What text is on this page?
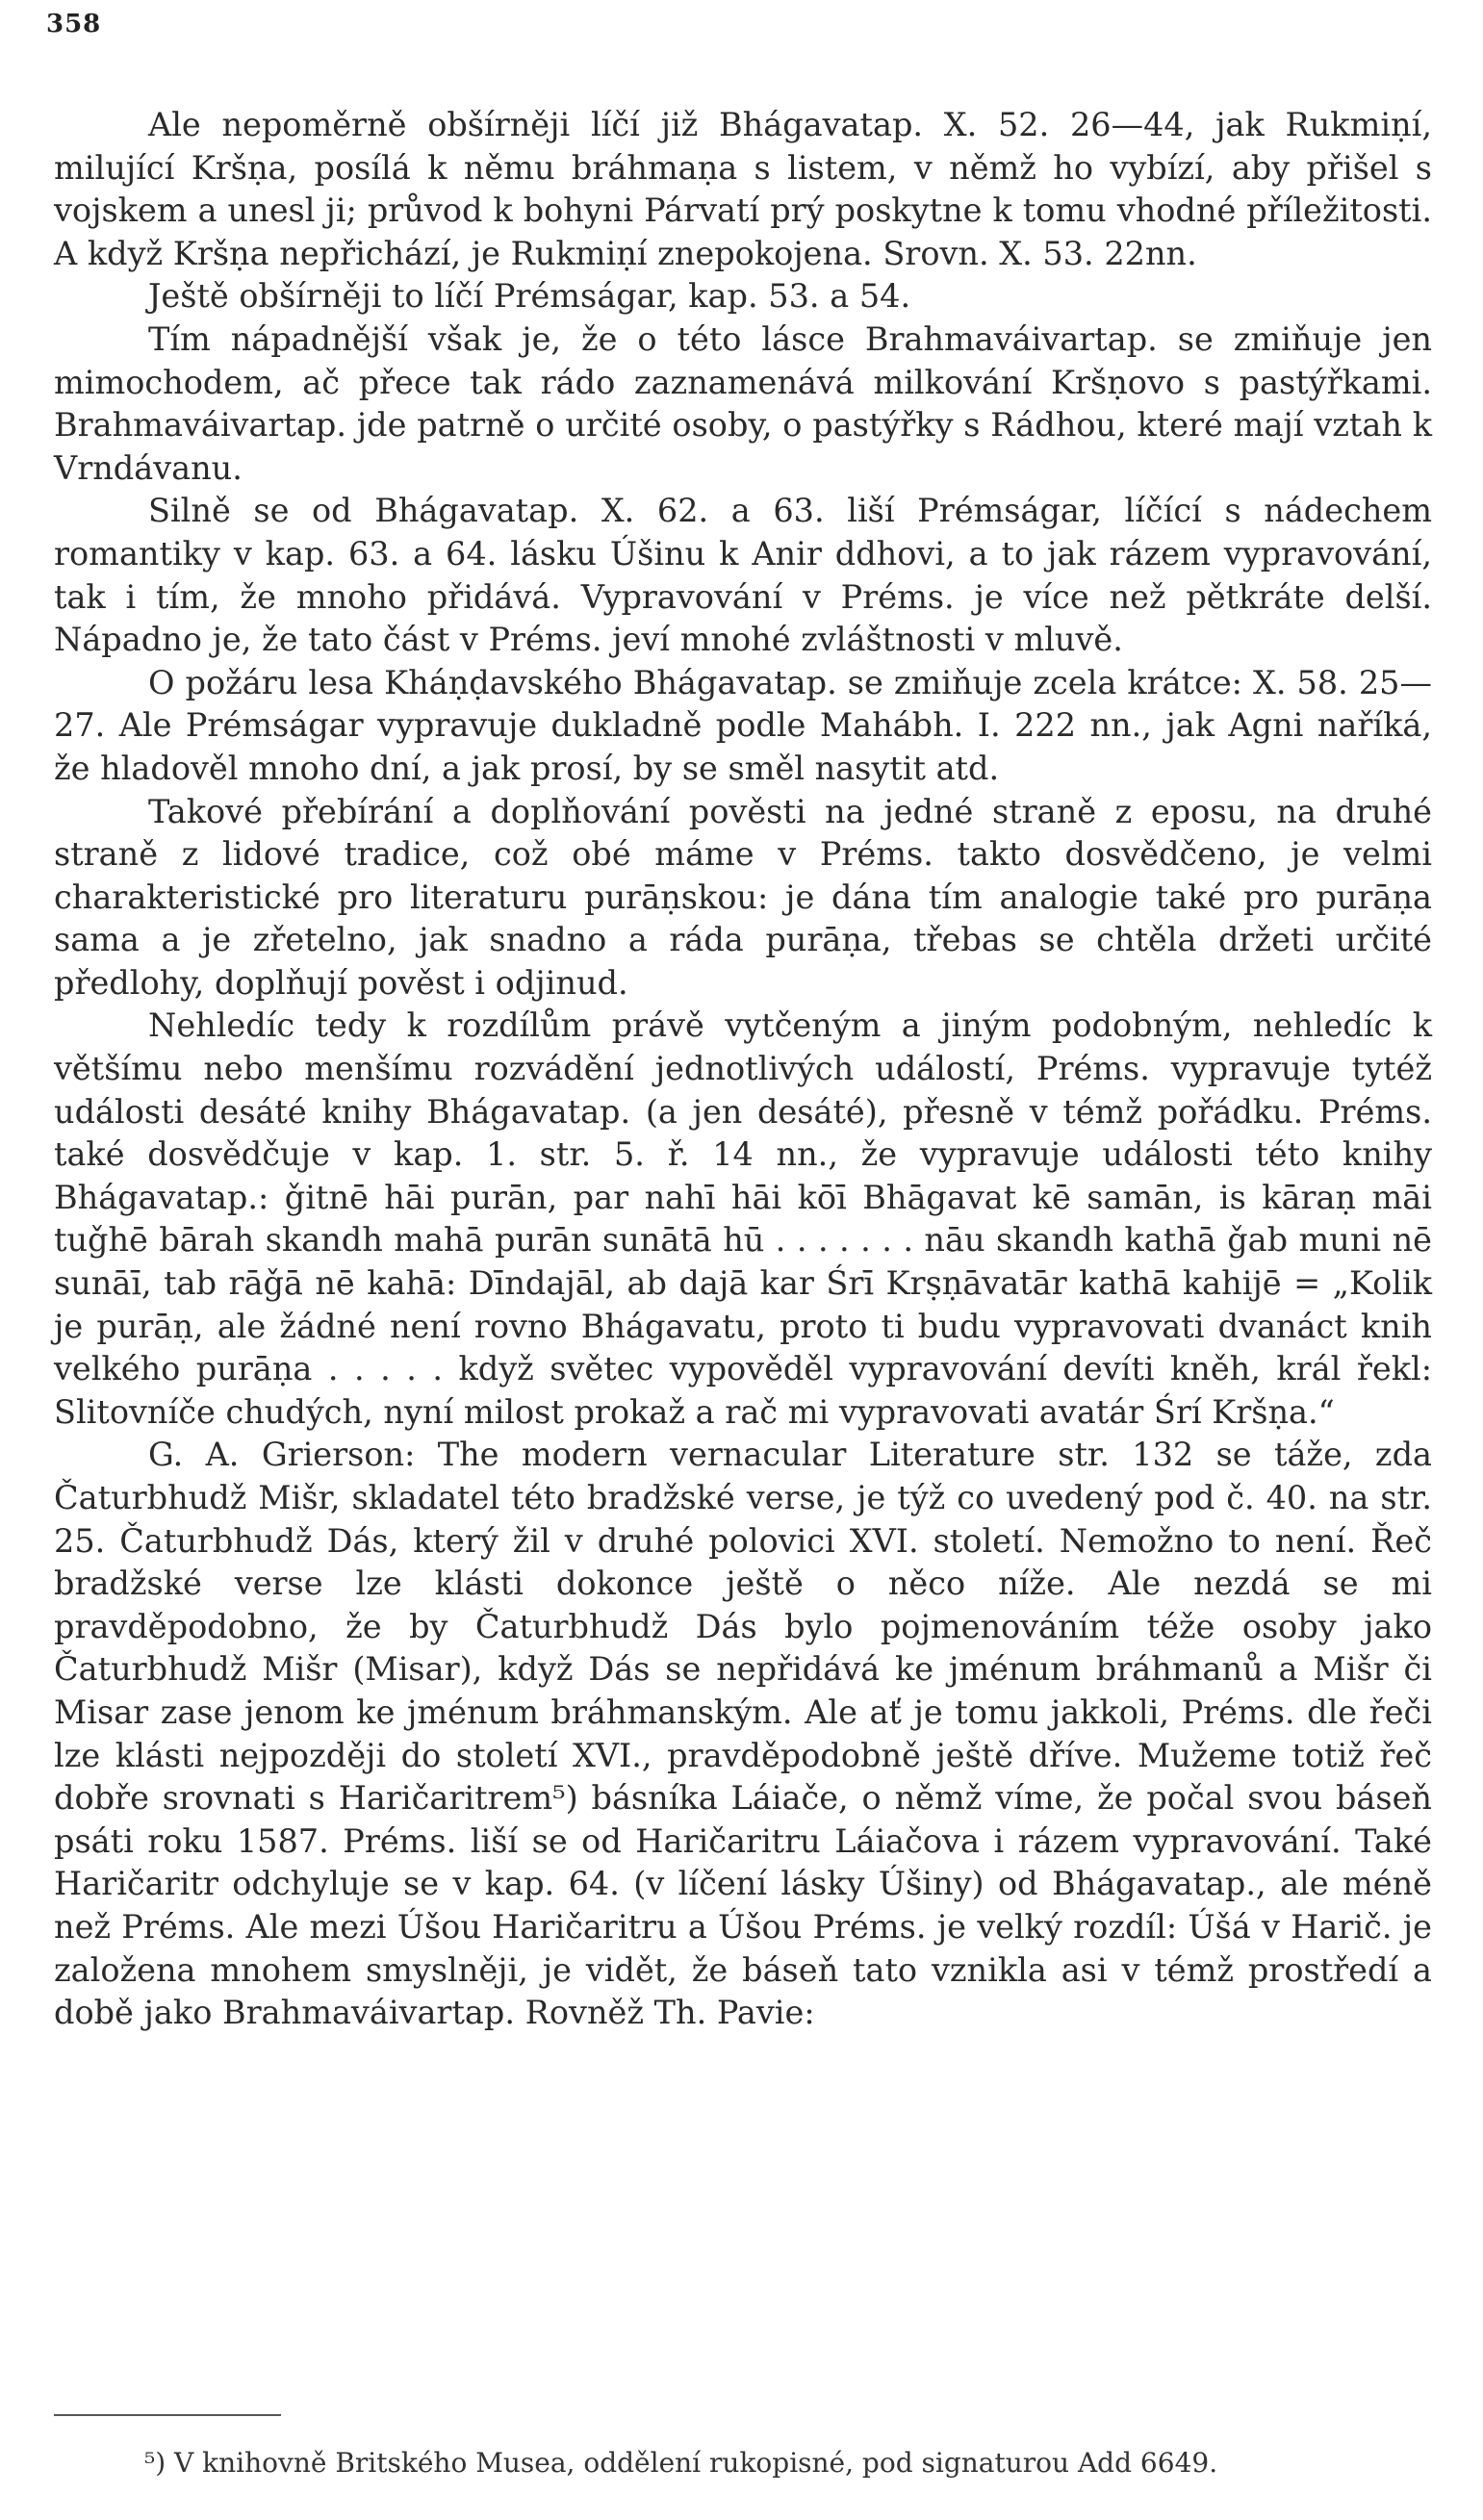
358

Ale nepoměrně obšírněji líčí již Bhágavatap. X. 52. 26—44, jak Rukmiṇí, milující Kršṇa, posílá k němu bráhmaṇa s listem, v němž ho vybízí, aby přišel s vojskem a unesl ji; průvod k bohyni Párvatí prý poskytne k tomu vhodné příležitosti. A když Kršṇa nepřichází, je Rukmiṇí znepokojena. Srovn. X. 53. 22nn.

Ještě obšírněji to líčí Prémságar, kap. 53. a 54.

Tím nápadnější však je, že o této lásce Brahmaváivartap. se zmiňuje jen mimochodem, ač přece tak rádo zaznamenává milkování Kršṇovo s pastýřkami. Brahmaváivartap. jde patrně o určité osoby, o pastýřky s Rádhou, které mají vztah k Vrndávanu.

Silně se od Bhágavatap. X. 62. a 63. liší Prémságar, líčící s nádechem romantiky v kap. 63. a 64. lásku Úšinu k Anir ddhovi, a to jak rázem vypravování, tak i tím, že mnoho přidává. Vypravování v Préms. je více než pětkráte delší. Nápadno je, že tato část v Préms. jeví mnohé zvláštnosti v mluvě.

O požáru lesa Kháṇḍavského Bhágavatap. se zmiňuje zcela krátce: X. 58. 25—27. Ale Prémságar vypravuje dukladně podle Mahábh. I. 222 nn., jak Agni naříká, že hladověl mnoho dní, a jak prosí, by se směl nasytit atd.

Takové přebírání a doplňování pověsti na jedné straně z eposu, na druhé straně z lidové tradice, což obé máme v Préms. takto dosvědčeno, je velmi charakteristické pro literaturu purāṇskou: je dána tím analogie také pro purāṇa sama a je zřetelno, jak snadno a ráda purāṇa, třebas se chtěla držeti určité předlohy, doplňují pověst i odjinud.

Nehledíc tedy k rozdílům právě vytčeným a jiným podobným, nehledíc k většímu nebo menšímu rozvádění jednotlivých událostí, Préms. vypravuje tytéž události desáté knihy Bhágavatap. (a jen desáté), přesně v témž pořádku. Préms. také dosvědčuje v kap. 1. str. 5. ř. 14 nn., že vypravuje události této knihy Bhágavatap.: ǧitnē hāi purān, par nahī hāi kōī Bhāgavat kē samān, is kāraṇ māi tuǧhē bārah skandh mahā purān sunātā hū . . . . . . . nāu skandh kathā ǧab muni nē sunāī, tab rāǧā nē kahā: Dīndajāl, ab dajā kar Śrī Krṣṇāvatār kathā kahijē = „Kolik je purāṇ, ale žádné není rovno Bhágavatu, proto ti budu vypravovati dvanáct knih velkého purāṇa . . . . . když světec vypověděl vypravování devíti kněh, král řekl: Slitovníče chudých, nyní milost prokaž a rač mi vypravovati avatár Śrí Kršṇa.“

G. A. Grierson: The modern vernacular Literature str. 132 se táže, zda Čaturbhudž Mišr, skladatel této bradžské verse, je týž co uvedený pod č. 40. na str. 25. Čaturbhudž Dás, který žil v druhé polovici XVI. století. Nemožno to není. Řeč bradžské verse lze klásti dokonce ještě o něco níže. Ale nezdá se mi pravděpodobno, že by Čaturbhudž Dás bylo pojmenováním téže osoby jako Čaturbhudž Mišr (Misar), když Dás se nepřidává ke jménum bráhmanů a Mišr či Misar zase jenom ke jménum bráhmanským. Ale ať je tomu jakkoli, Préms. dle řeči lze klásti nejpozději do století XVI., pravděpodobně ještě dříve. Mužeme totiž řeč dobře srovnati s Haričaritrem⁵) básníka Láiače, o němž víme, že počal svou báseň psáti roku 1587. Préms. liší se od Haričaritru Láiačova i rázem vypravování. Také Haričaritr odchyluje se v kap. 64. (v líčení lásky Úšiny) od Bhágavatap., ale méně než Préms. Ale mezi Úšou Haričaritru a Úšou Préms. je velký rozdíl: Úšá v Harič. je založena mnohem smyslněji, je vidět, že báseň tato vznikla asi v témž prostředí a době jako Brahmaváivartap. Rovněž Th. Pavie:

⁵) V knihovně Britského Musea, oddělení rukopisné, pod signaturou Add 6649.
